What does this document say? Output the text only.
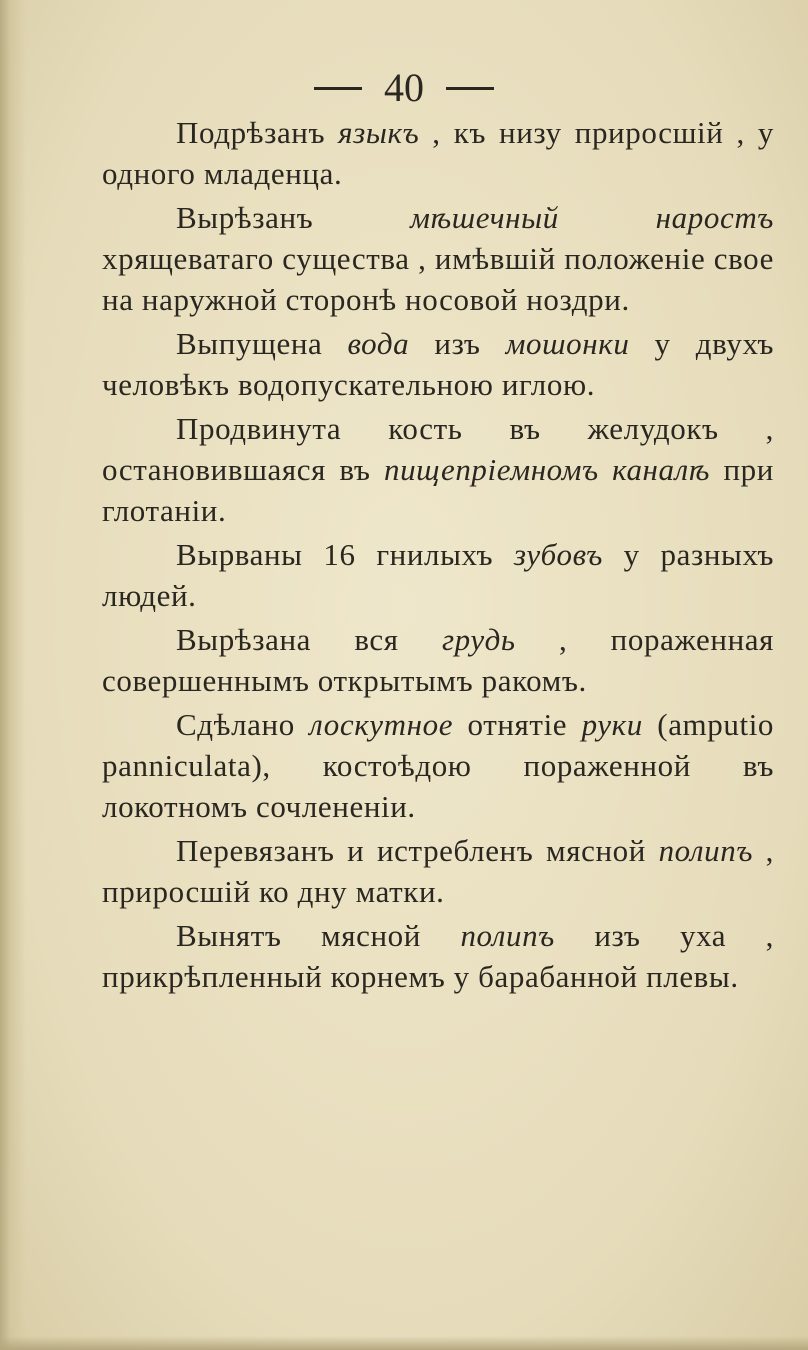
40

Подрѣзанъ языкъ , къ низу приросшій , у одного младенца.

Вырѣзанъ мѣшечный наростъ хрящеватаго существа , имѣвшій положеніе свое на наружной сторонѣ носовой ноздри.

Выпущена вода изъ мошонки у двухъ человѣкъ водопускательною иглою.

Продвинута кость въ желудокъ , остановившаяся въ пищепріемномъ каналѣ при глотаніи.

Вырваны 16 гнилыхъ зубовъ у разныхъ людей.

Вырѣзана вся грудь , пораженная совершеннымъ открытымъ ракомъ.

Сдѣлано лоскутное отнятіе руки (amputio panniculata), костоѣдою пораженной въ локотномъ сочлененіи.

Перевязанъ и истребленъ мясной полипъ , приросшій ко дну матки.

Вынятъ мясной полипъ изъ уха , прикрѣпленный корнемъ у барабанной плевы.
